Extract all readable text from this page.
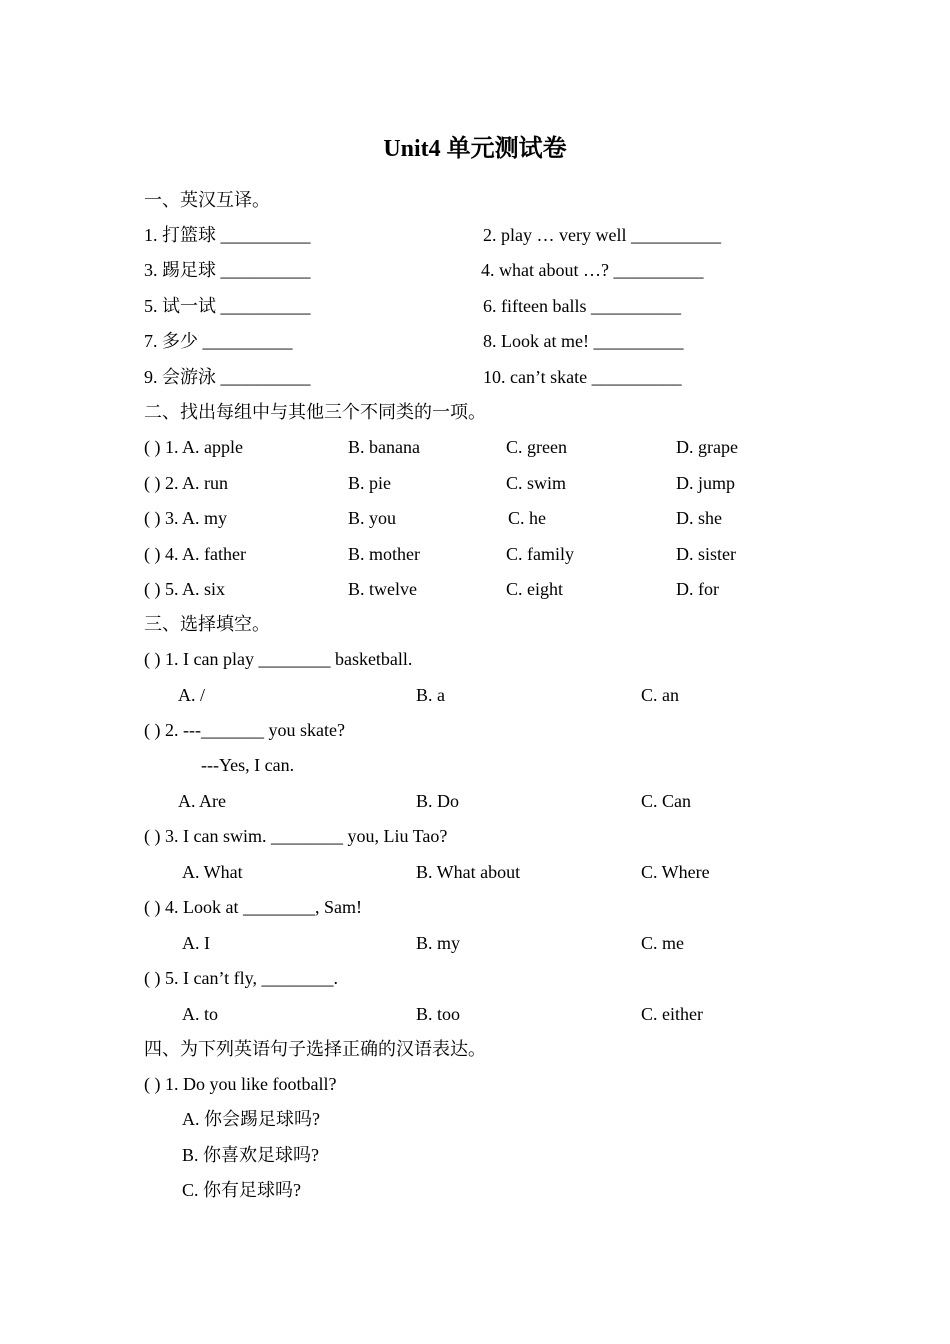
Unit4 单元测试卷
一、英汉互译。
1. 打篮球 __________	2. play … very well __________
3. 踢足球 __________	4. what about …? __________
5. 试一试 __________	6. fifteen balls __________
7. 多少 __________	8. Look at me! __________
9. 会游泳 __________	10. can’t skate __________
二、找出每组中与其他三个不同类的一项。
( ) 1. A. apple	B. banana	C. green	D. grape
( ) 2. A. run	B. pie	C. swim	D. jump
( ) 3. A. my	B. you	C. he	D. she
( ) 4. A. father	B. mother	C. family	D. sister
( ) 5. A. six	B. twelve	C. eight	D. for
三、选择填空。
( ) 1. I can play ________ basketball.
A. /	B. a	C. an
( ) 2. ---_______ you skate?
---Yes, I can.
A. Are	B. Do	C. Can
( ) 3. I can swim. ________ you, Liu Tao?
A. What	B. What about	C. Where
( ) 4. Look at ________, Sam!
A. I	B. my	C. me
( ) 5. I can’t fly, ________.
A. to	B. too	C. either
四、为下列英语句子选择正确的汉语表达。
( ) 1. Do you like football?
A. 你会踢足球吗?
B. 你喜欢足球吗?
C. 你有足球吗?
